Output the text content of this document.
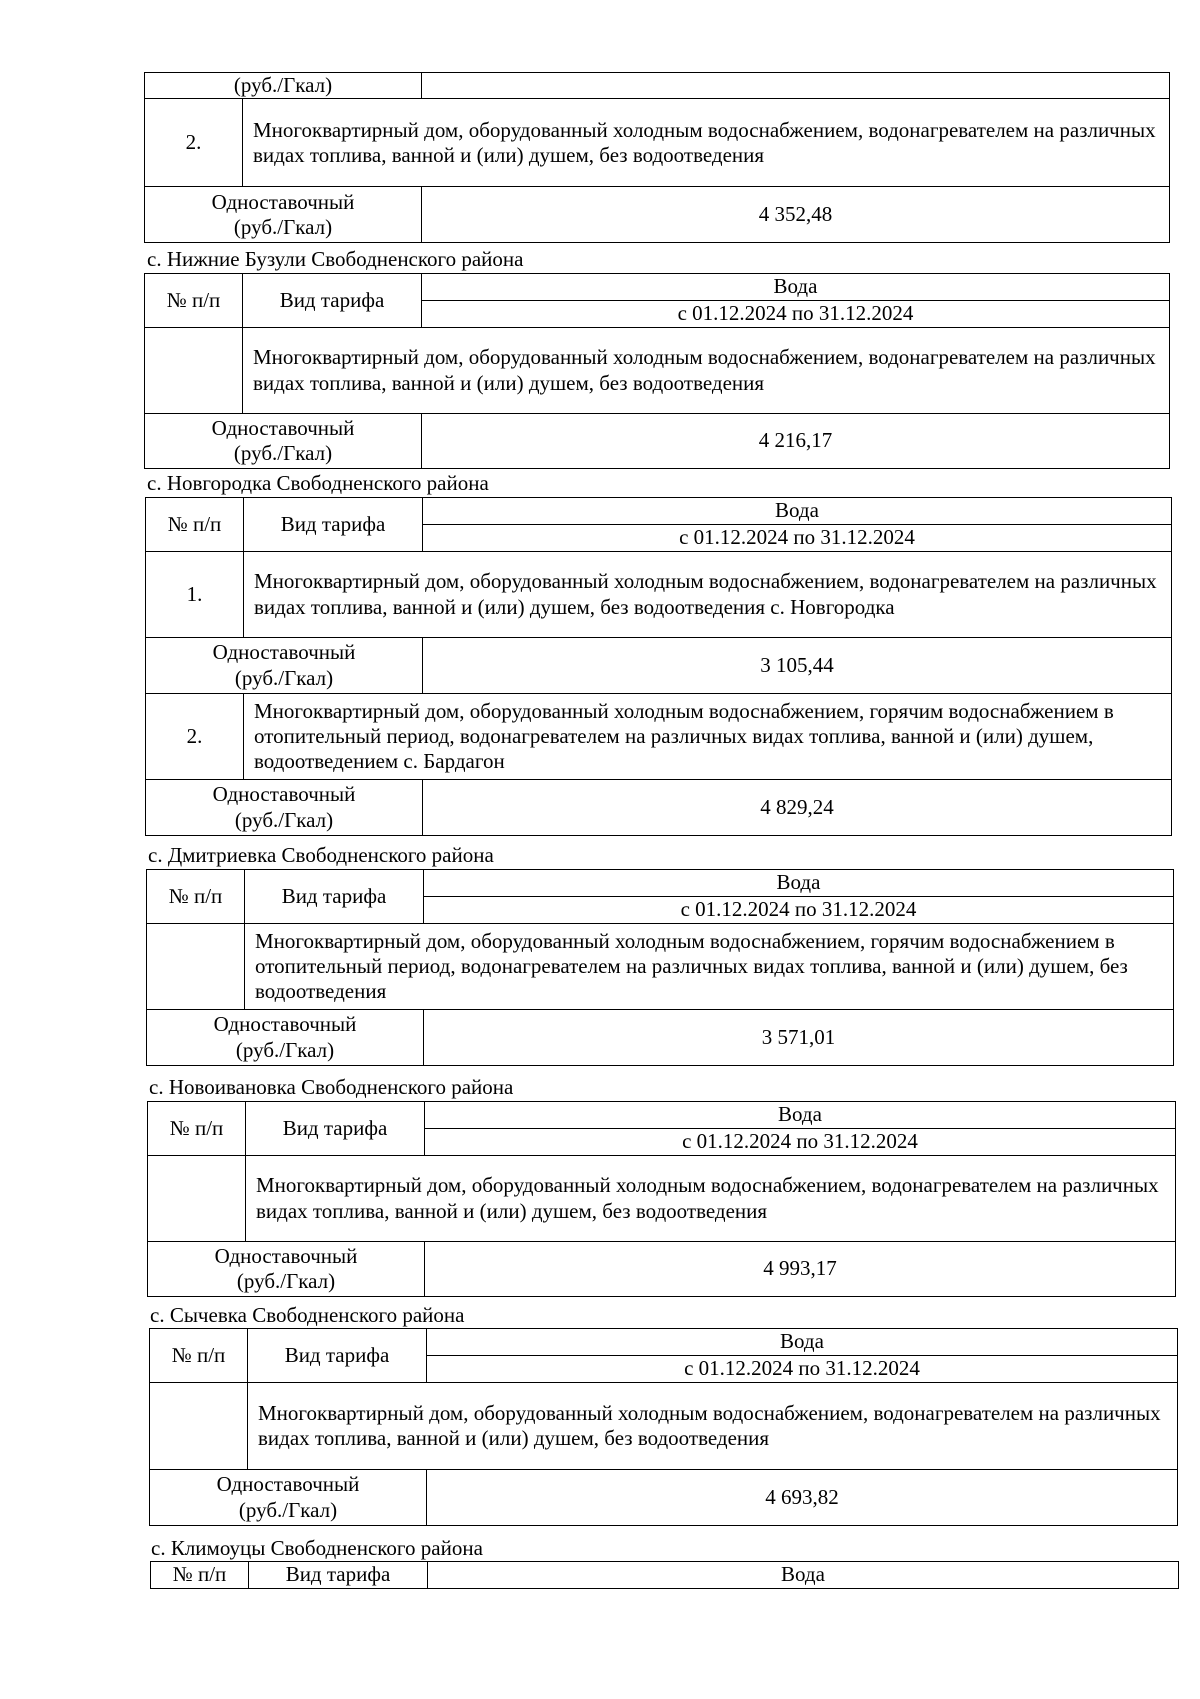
(руб./Гкал)		
2.	Многоквартирный дом, оборудованный холодным водоснабжением, водонагревателем на различных видах топлива, ванной и (или) душем, без водоотведения	

Одноставочный
(руб./Гкал)		4 352,48
с. Нижние Бузули Свободненского района
№ п/п	Вид тарифа	Вода
		с 01.12.2024 по 31.12.2024
	Многоквартирный дом, оборудованный холодным водоснабжением, водонагревателем на различных видах топлива, ванной и (или) душем, без водоотведения	

Одноставочный
(руб./Гкал)		4 216,17
с. Новгородка Свободненского района
№ п/п	Вид тарифа	Вода
		с 01.12.2024 по 31.12.2024
1.	Многоквартирный дом, оборудованный холодным водоснабжением, водонагревателем на различных видах топлива, ванной и (или) душем, без водоотведения с. Новгородка	

Одноставочный
(руб./Гкал)		3 105,44
2.	Многоквартирный дом, оборудованный холодным водоснабжением, горячим водоснабжением в отопительный период, водонагревателем на различных видах топлива, ванной и (или) душем, водоотведением с. Бардагон	

Одноставочный
(руб./Гкал)		4 829,24
с. Дмитриевка Свободненского района
№ п/п	Вид тарифа	Вода
		с 01.12.2024 по 31.12.2024
	Многоквартирный дом, оборудованный холодным водоснабжением, горячим водоснабжением в отопительный период, водонагревателем на различных видах топлива, ванной и (или) душем, без водоотведения	

Одноставочный
(руб./Гкал)		3 571,01
с. Новоивановка Свободненского района
№ п/п	Вид тарифа	Вода
		с 01.12.2024 по 31.12.2024
	Многоквартирный дом, оборудованный холодным водоснабжением, водонагревателем на различных видах топлива, ванной и (или) душем, без водоотведения	

Одноставочный
(руб./Гкал)		4 993,17
с. Сычевка Свободненского района
№ п/п	Вид тарифа	Вода
		с 01.12.2024 по 31.12.2024
	Многоквартирный дом, оборудованный холодным водоснабжением, водонагревателем на различных видах топлива, ванной и (или) душем, без водоотведения	

Одноставочный
(руб./Гкал)		4 693,82
с. Климоуцы Свободненского района
№ п/п	Вид тарифа	Вода
